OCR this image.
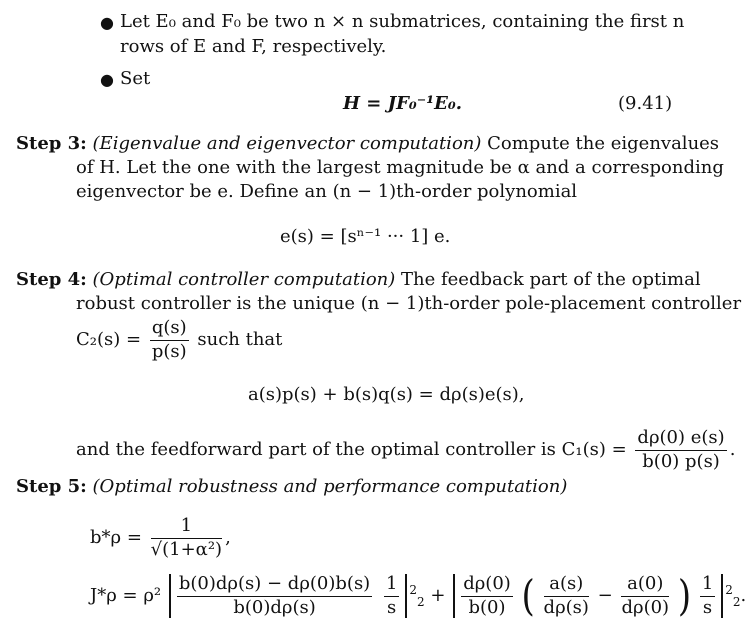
● Let E₀ and F₀ be two n × n submatrices, containing the first n
rows of E and F, respectively.
● Set
H = JF₀⁻¹E₀.	(9.41)
Step 3: (Eigenvalue and eigenvector computation) Compute the eigenvalues
of H. Let the one with the largest magnitude be α and a corresponding
eigenvector be e. Define an (n − 1)th-order polynomial
e(s) = [sⁿ⁻¹ ··· 1] e.
Step 4: (Optimal controller computation) The feedback part of the optimal
robust controller is the unique (n − 1)th-order pole-placement controller
$C_2(s) = \frac{q(s)}{p(s)}$ such that
a(s)p(s) + b(s)q(s) = dρ(s)e(s),
and the feedforward part of the optimal controller is $C_1(s) = \frac{d\rho(0) e(s)}{b(0) p(s)}$ .
Step 5: (Optimal robustness and performance computation)
$b*\rho = \frac{1}{\text{√(1+α²)}}$ ,
$J*\rho = \rho^2 \frac{b(0)d\rho(s) - d\rho(0)b(s)}{b(0)d\rho(s)}$
$\frac{1}{s} ^2_2 + \frac{d\rho(0)}{b(0)}$ ( $\frac{a(s)}{d\rho(s)} - \frac{a(0)}{d\rho(0)}$ ) $\frac{1}{s} ^2_2$.
